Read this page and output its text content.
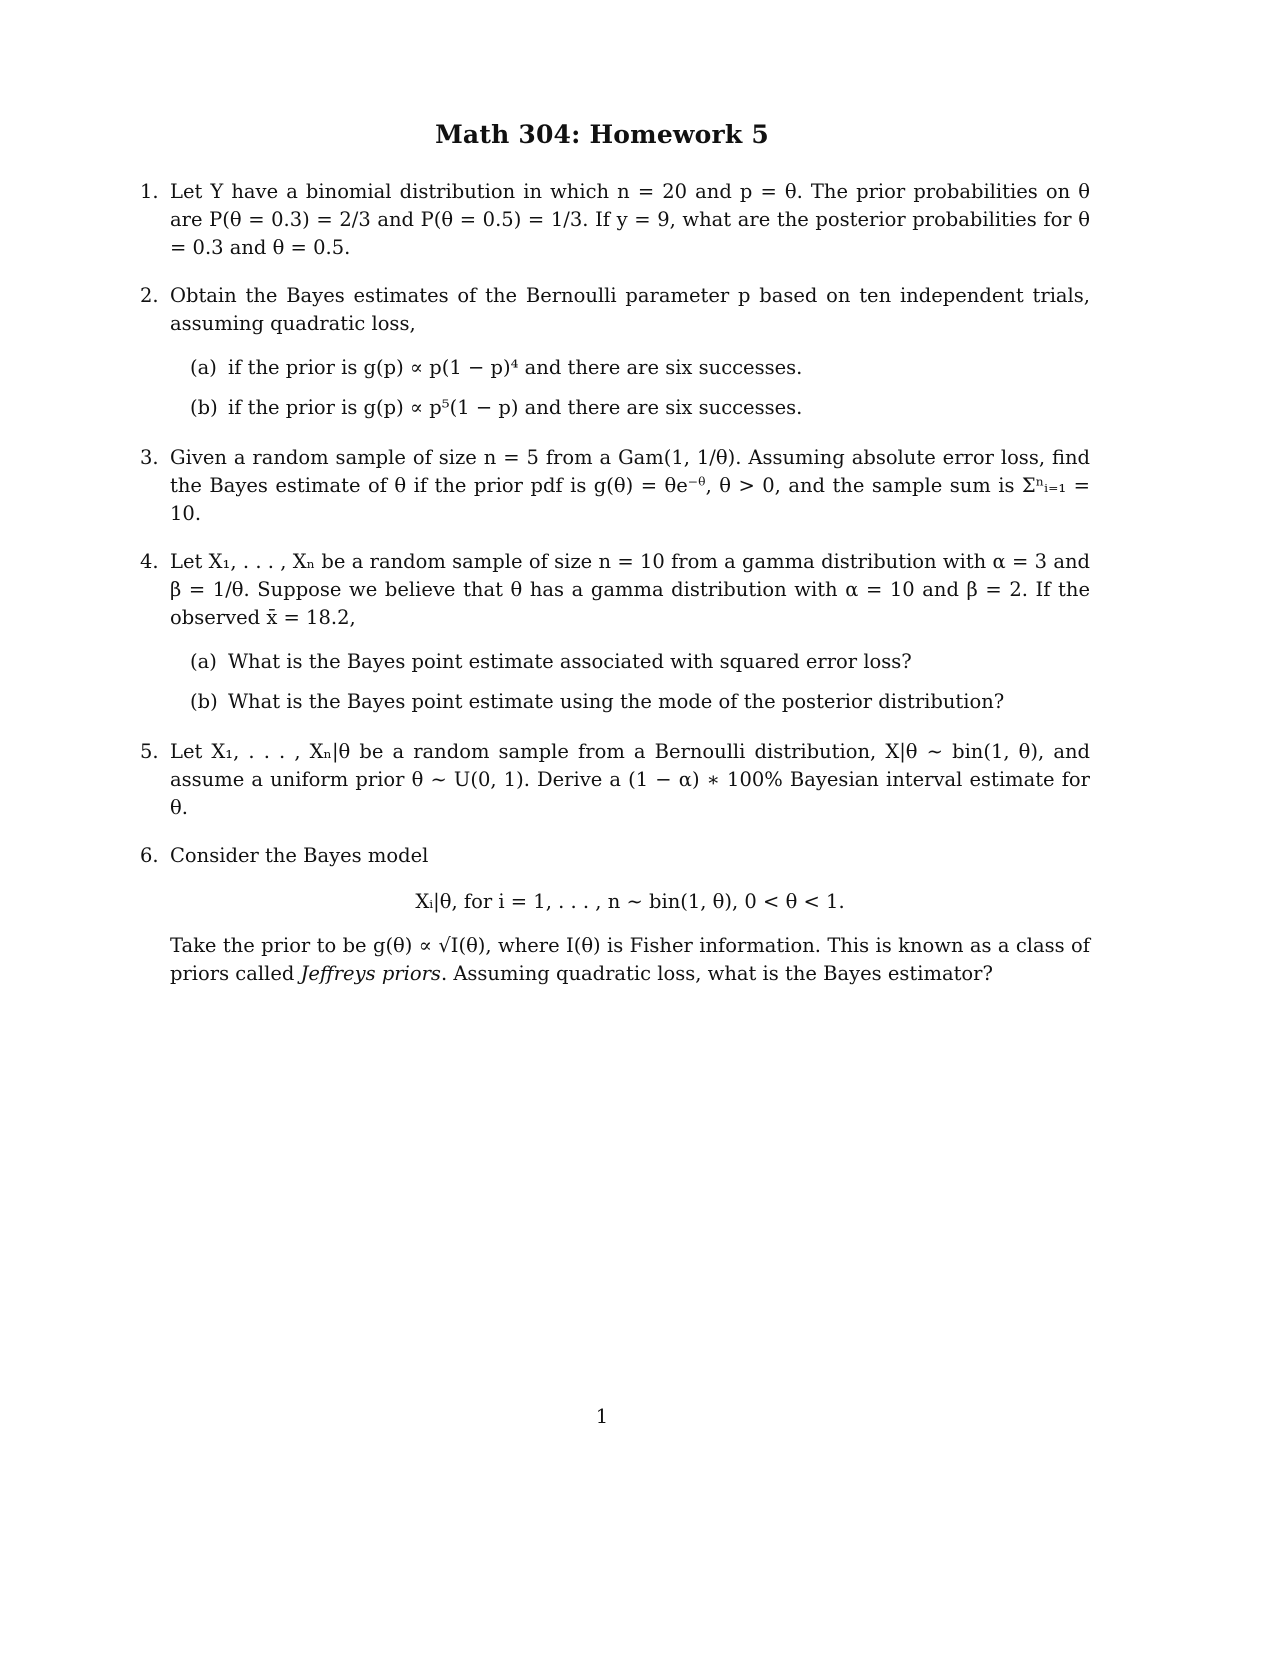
Math 304: Homework 5
1. Let Y have a binomial distribution in which n = 20 and p = θ. The prior probabilities on θ are P(θ = 0.3) = 2/3 and P(θ = 0.5) = 1/3. If y = 9, what are the posterior probabilities for θ = 0.3 and θ = 0.5.
2. Obtain the Bayes estimates of the Bernoulli parameter p based on ten independent trials, assuming quadratic loss,
(a) if the prior is g(p) ∝ p(1 − p)⁴ and there are six successes.
(b) if the prior is g(p) ∝ p⁵(1 − p) and there are six successes.
3. Given a random sample of size n = 5 from a Gam(1, 1/θ). Assuming absolute error loss, find the Bayes estimate of θ if the prior pdf is g(θ) = θe⁻ᶿ, θ > 0, and the sample sum is Σⁿᵢ₌₁ = 10.
4. Let X₁, . . . , Xₙ be a random sample of size n = 10 from a gamma distribution with α = 3 and β = 1/θ. Suppose we believe that θ has a gamma distribution with α = 10 and β = 2. If the observed x̄ = 18.2,
(a) What is the Bayes point estimate associated with squared error loss?
(b) What is the Bayes point estimate using the mode of the posterior distribution?
5. Let X₁, . . . , Xₙ|θ be a random sample from a Bernoulli distribution, X|θ ∼ bin(1, θ), and assume a uniform prior θ ∼ U(0, 1). Derive a (1 − α) ∗ 100% Bayesian interval estimate for θ.
6. Consider the Bayes model
Xᵢ|θ, for i = 1, . . . , n ∼ bin(1, θ), 0 < θ < 1.
Take the prior to be g(θ) ∝ √I(θ), where I(θ) is Fisher information. This is known as a class of priors called Jeffreys priors. Assuming quadratic loss, what is the Bayes estimator?
1
